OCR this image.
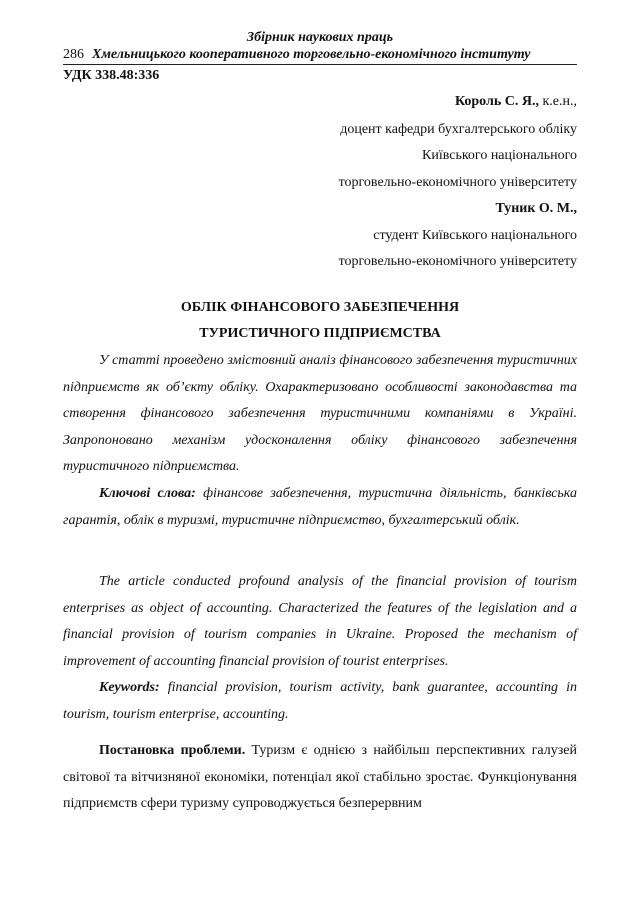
Збірник наукових праць
286 Хмельницького кооперативного торговельно-економічного інституту
УДК 338.48:336
Король С. Я., к.е.н.,
доцент кафедри бухгалтерського обліку
Київського національного
торговельно-економічного університету
Туник О. М.,
студент Київського національного
торговельно-економічного університету
ОБЛІК ФІНАНСОВОГО ЗАБЕЗПЕЧЕННЯ
ТУРИСТИЧНОГО ПІДПРИЄМСТВА
У статті проведено змістовний аналіз фінансового забезпечення туристичних підприємств як об’єкту обліку. Охарактеризовано особливості законодавства та створення фінансового забезпечення туристичними компаніями в Україні. Запропоновано механізм удосконалення обліку фінансового забезпечення туристичного підприємства.
Ключові слова: фінансове забезпечення, туристична діяльність, банківська гарантія, облік в туризмі, туристичне підприємство, бухгалтерський облік.
The article conducted profound analysis of the financial provision of tourism enterprises as object of accounting. Characterized the features of the legislation and a financial provision of tourism companies in Ukraine. Proposed the mechanism of improvement of accounting financial provision of tourist enterprises.
Keywords: financial provision, tourism activity, bank guarantee, accounting in tourism, tourism enterprise, accounting.
Постановка проблеми. Туризм є однією з найбільш перспективних галузей світової та вітчизняної економіки, потенціал якої стабільно зростає. Функціонування підприємств сфери туризму супроводжується безперервним
